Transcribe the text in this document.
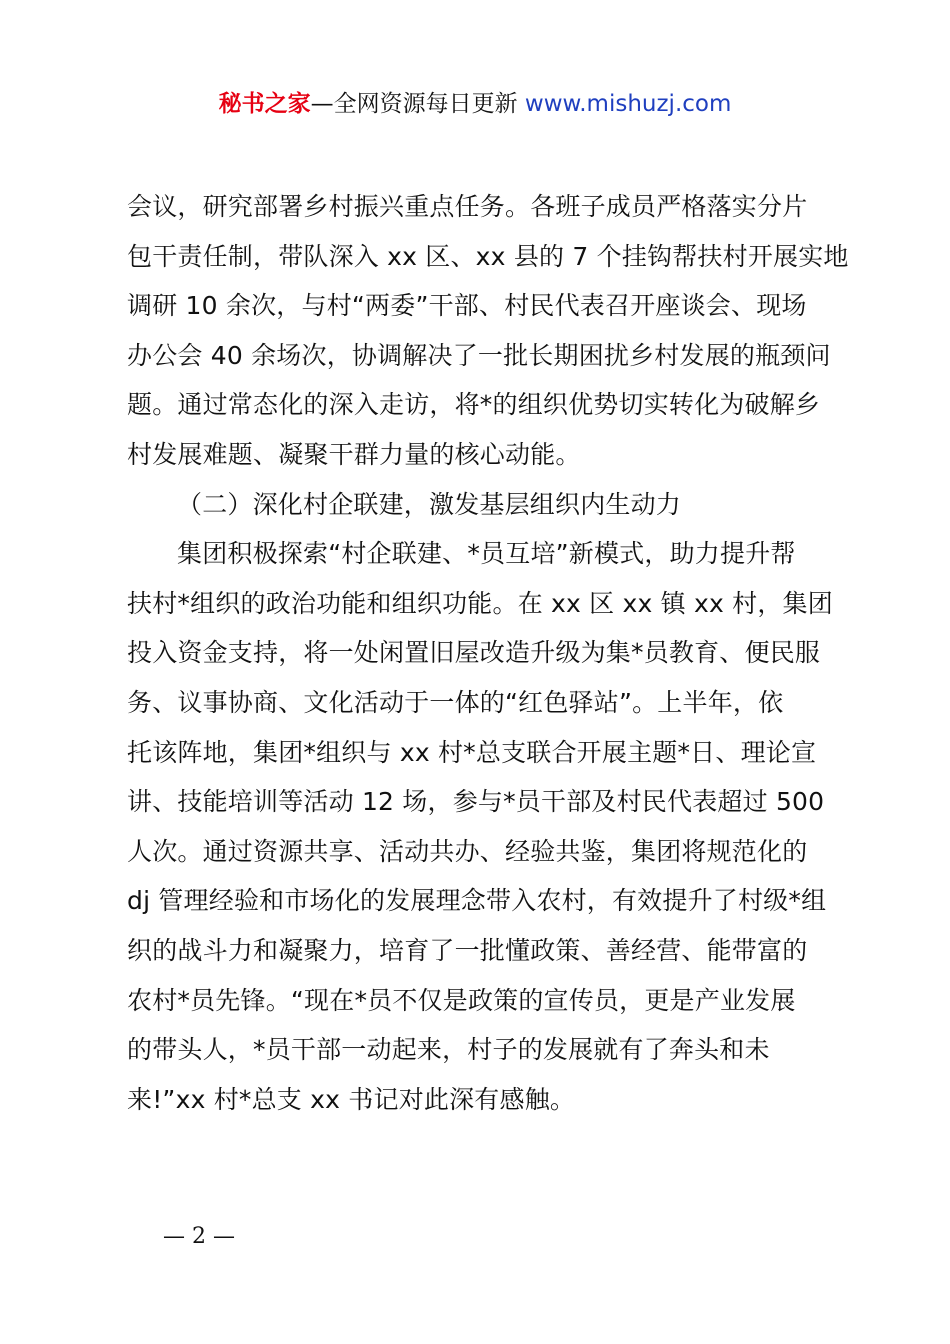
秘书之家—全网资源每日更新 www.mishuzj.com
会议，研究部署乡村振兴重点任务。各班子成员严格落实分片
包干责任制，带队深入 xx 区、xx 县的 7 个挂钩帮扶村开展实地
调研 10 余次，与村“两委”干部、村民代表召开座谈会、现场
办公会 40 余场次，协调解决了一批长期困扰乡村发展的瓶颈问
题。通过常态化的深入走访，将*的组织优势切实转化为破解乡
村发展难题、凝聚干群力量的核心动能。
（二）深化村企联建，激发基层组织内生动力
集团积极探索“村企联建、*员互培”新模式，助力提升帮
扶村*组织的政治功能和组织功能。在 xx 区 xx 镇 xx 村，集团
投入资金支持，将一处闲置旧屋改造升级为集*员教育、便民服
务、议事协商、文化活动于一体的“红色驿站”。上半年，依
托该阵地，集团*组织与 xx 村*总支联合开展主题*日、理论宣
讲、技能培训等活动 12 场，参与*员干部及村民代表超过 500
人次。通过资源共享、活动共办、经验共鉴，集团将规范化的
dj 管理经验和市场化的发展理念带入农村，有效提升了村级*组
织的战斗力和凝聚力，培育了一批懂政策、善经营、能带富的
农村*员先锋。“现在*员不仅是政策的宣传员，更是产业发展
的带头人，*员干部一动起来，村子的发展就有了奔头和未
来!”xx 村*总支 xx 书记对此深有感触。
— 2 —
